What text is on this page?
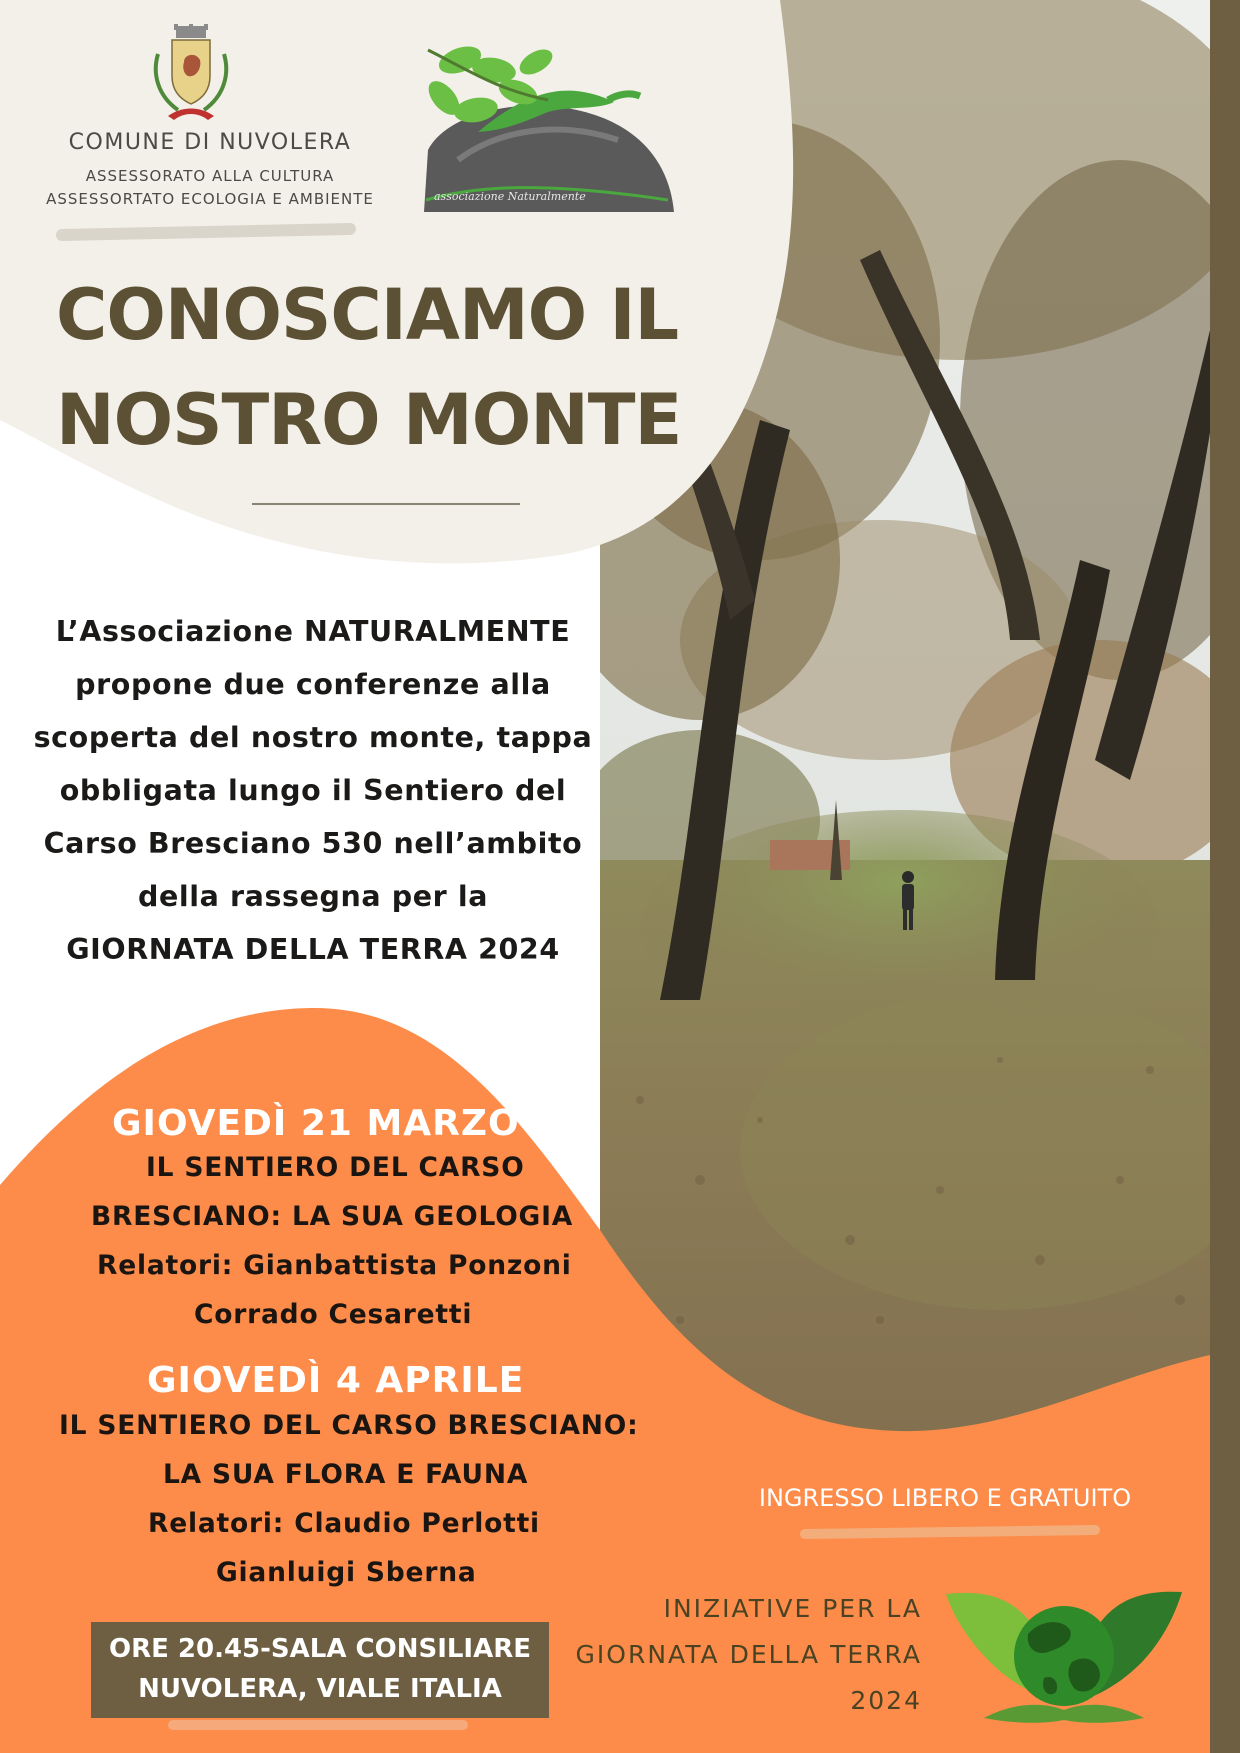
COMUNE DI NUVOLERA
ASSESSORATO ALLA CULTURA
ASSESSORTATO ECOLOGIA E AMBIENTE	associazione Naturalmente
CONOSCIAMO IL
NOSTRO MONTE
L’Associazione NATURALMENTE
propone due conferenze alla
scoperta del nostro monte, tappa
obbligata lungo il Sentiero del
Carso Bresciano 530 nell’ambito
della rassegna per la
GIORNATA DELLA TERRA 2024
GIOVEDÌ 21 MARZO
IL SENTIERO DEL CARSO
BRESCIANO: LA SUA GEOLOGIA
Relatori: Gianbattista Ponzoni
Corrado Cesaretti
GIOVEDÌ 4 APRILE
IL SENTIERO DEL CARSO BRESCIANO:
LA SUA FLORA E FAUNA
Relatori: Claudio Perlotti
Gianluigi Sberna
ORE 20.45-SALA CONSILIARE
NUVOLERA, VIALE ITALIA
INGRESSO LIBERO E GRATUITO
INIZIATIVE PER LA
GIORNATA DELLA TERRA
2024
